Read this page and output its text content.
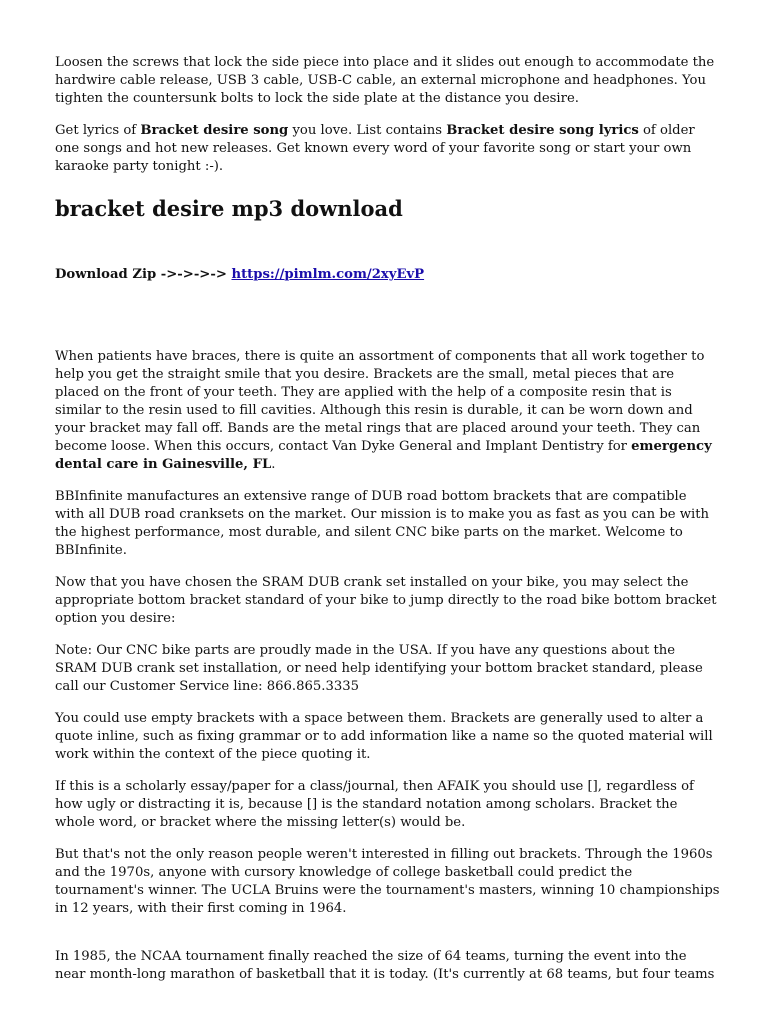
Loosen the screws that lock the side piece into place and it slides out enough to accommodate the hardwire cable release, USB 3 cable, USB-C cable, an external microphone and headphones. You tighten the countersunk bolts to lock the side plate at the distance you desire.

Get lyrics of Bracket desire song you love. List contains Bracket desire song lyrics of older one songs and hot new releases. Get known every word of your favorite song or start your own karaoke party tonight :-).

bracket desire mp3 download
Download Zip ->->->-> https://pimlm.com/2xyEvP

When patients have braces, there is quite an assortment of components that all work together to help you get the straight smile that you desire. Brackets are the small, metal pieces that are placed on the front of your teeth. They are applied with the help of a composite resin that is similar to the resin used to fill cavities. Although this resin is durable, it can be worn down and your bracket may fall off. Bands are the metal rings that are placed around your teeth. They can become loose. When this occurs, contact Van Dyke General and Implant Dentistry for emergency dental care in Gainesville, FL.

BBInfinite manufactures an extensive range of DUB road bottom brackets that are compatible with all DUB road cranksets on the market. Our mission is to make you as fast as you can be with the highest performance, most durable, and silent CNC bike parts on the market. Welcome to BBInfinite.

Now that you have chosen the SRAM DUB crank set installed on your bike, you may select the appropriate bottom bracket standard of your bike to jump directly to the road bike bottom bracket option you desire:

Note: Our CNC bike parts are proudly made in the USA. If you have any questions about the SRAM DUB crank set installation, or need help identifying your bottom bracket standard, please call our Customer Service line: 866.865.3335

You could use empty brackets with a space between them. Brackets are generally used to alter a quote inline, such as fixing grammar or to add information like a name so the quoted material will work within the context of the piece quoting it.

If this is a scholarly essay/paper for a class/journal, then AFAIK you should use [], regardless of how ugly or distracting it is, because [] is the standard notation among scholars. Bracket the whole word, or bracket where the missing letter(s) would be.

But that's not the only reason people weren't interested in filling out brackets. Through the 1960s and the 1970s, anyone with cursory knowledge of college basketball could predict the tournament's winner. The UCLA Bruins were the tournament's masters, winning 10 championships in 12 years, with their first coming in 1964.

In 1985, the NCAA tournament finally reached the size of 64 teams, turning the event into the near month-long marathon of basketball that it is today. (It's currently at 68 teams, but four teams
